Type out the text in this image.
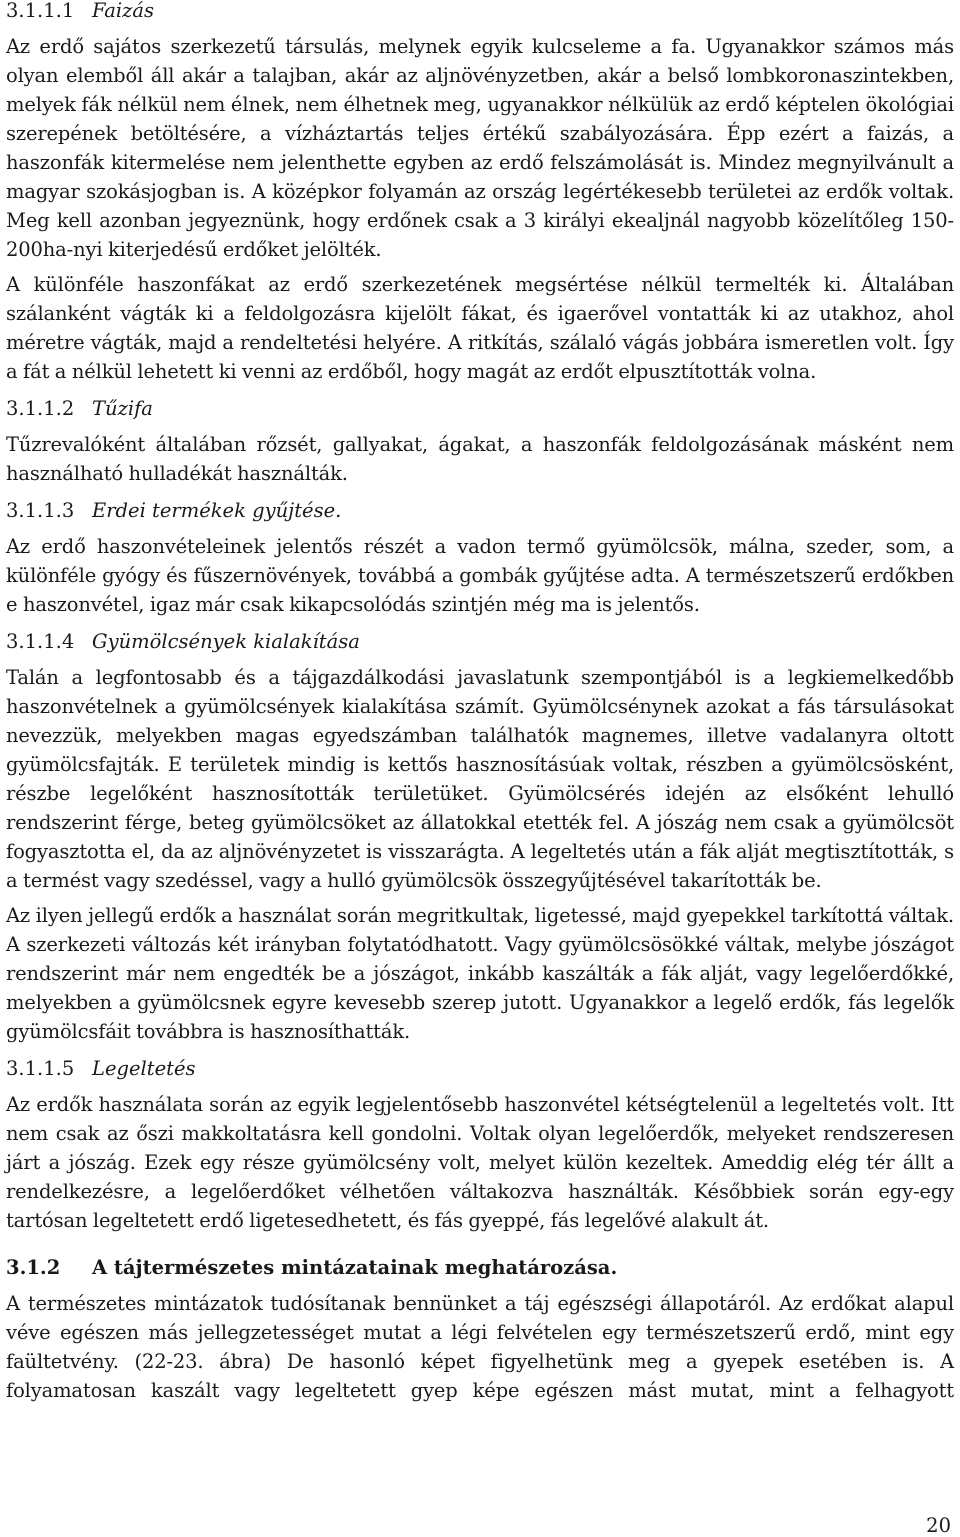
3.1.1.1 Faizás

Az erdő sajátos szerkezetű társulás, melynek egyik kulcseleme a fa. Ugyanakkor számos más olyan elemből áll akár a talajban, akár az aljnövényzetben, akár a belső lombkoronaszintekben, melyek fák nélkül nem élnek, nem élhetnek meg, ugyanakkor nélkülük az erdő képtelen ökológiai szerepének betöltésére, a vízháztartás teljes értékű szabályozására. Épp ezért a faizás, a haszonfák kitermelése nem jelenthette egyben az erdő felszámolását is. Mindez megnyilvánult a magyar szokásjogban is. A középkor folyamán az ország legértékesebb területei az erdők voltak. Meg kell azonban jegyeznünk, hogy erdőnek csak a 3 királyi ekealjnál nagyobb közelítőleg 150-200ha-nyi kiterjedésű erdőket jelölték.

A különféle haszonfákat az erdő szerkezetének megsértése nélkül termelték ki. Általában szálanként vágták ki a feldolgozásra kijelölt fákat, és igaerővel vontatták ki az utakhoz, ahol méretre vágták, majd a rendeltetési helyére. A ritkítás, szálaló vágás jobbára ismeretlen volt. Így a fát a nélkül lehetett ki venni az erdőből, hogy magát az erdőt elpusztították volna.

3.1.1.2 Tűzifa

Tűzrevalóként általában rőzsét, gallyakat, ágakat, a haszonfák feldolgozásának másként nem használható hulladékát használták.

3.1.1.3 Erdei termékek gyűjtése.

Az erdő haszonvételeinek jelentős részét a vadon termő gyümölcsök, málna, szeder, som, a különféle gyógy és fűszernövények, továbbá a gombák gyűjtése adta. A természetszerű erdőkben e haszonvétel, igaz már csak kikapcsolódás szintjén még ma is jelentős.

3.1.1.4 Gyümölcsények kialakítása

Talán a legfontosabb és a tájgazdálkodási javaslatunk szempontjából is a legkiemelkedőbb haszonvételnek a gyümölcsények kialakítása számít. Gyümölcsénynek azokat a fás társulásokat nevezzük, melyekben magas egyedszámban találhatók magnemes, illetve vadalanyra oltott gyümölcsfajták. E területek mindig is kettős hasznosításúak voltak, részben a gyümölcsösként, részbe legelőként hasznosították területüket. Gyümölcsérés idején az elsőként lehulló rendszerint férge, beteg gyümölcsöket az állatokkal etették fel. A jószág nem csak a gyümölcsöt fogyasztotta el, da az aljnövényzetet is visszarágta. A legeltetés után a fák alját megtisztították, s a termést vagy szedéssel, vagy a hulló gyümölcsök összegyűjtésével takarították be.

Az ilyen jellegű erdők a használat során megritkultak, ligetessé, majd gyepekkel tarkítottá váltak. A szerkezeti változás két irányban folytatódhatott. Vagy gyümölcsösökké váltak, melybe jószágot rendszerint már nem engedték be a jószágot, inkább kaszálták a fák alját, vagy legelőerdőkké, melyekben a gyümölcsnek egyre kevesebb szerep jutott. Ugyanakkor a legelő erdők, fás legelők gyümölcsfáit továbbra is hasznosíthatták.

3.1.1.5 Legeltetés

Az erdők használata során az egyik legjelentősebb haszonvétel kétségtelenül a legeltetés volt. Itt nem csak az őszi makkoltatásra kell gondolni. Voltak olyan legelőerdők, melyeket rendszeresen járt a jószág. Ezek egy része gyümölcsény volt, melyet külön kezeltek. Ameddig elég tér állt a rendelkezésre, a legelőerdőket vélhetően váltakozva használták. Későbbiek során egy-egy tartósan legeltetett erdő ligetesedhetett, és fás gyeppé, fás legelővé alakult át.

3.1.2	A tájtermészetes mintázatainak meghatározása.

A természetes mintázatok tudósítanak bennünket a táj egészségi állapotáról. Az erdőkat alapul véve egészen más jellegzetességet mutat a légi felvételen egy természetszerű erdő, mint egy faültetvény. (22-23. ábra) De hasonló képet figyelhetünk meg a gyepek esetében is. A folyamatosan kaszált vagy legeltetett gyep képe egészen mást mutat, mint a felhagyott

20
